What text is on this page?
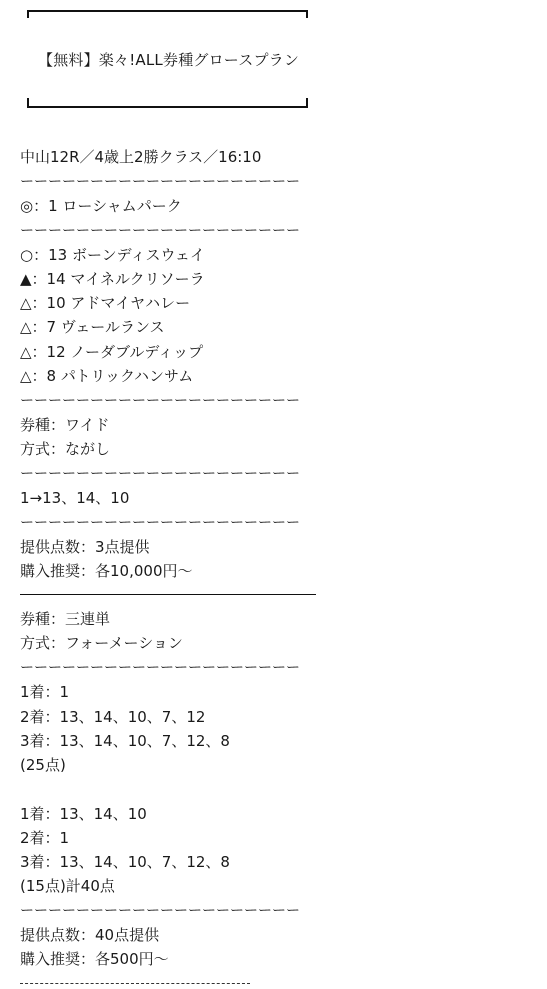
【無料】楽々!ALL券種グロースプラン
中山12R／4歳上2勝クラス／16:10
ーーーーーーーーーーーーーーーーーーーー
◎：1 ローシャムパーク
ーーーーーーーーーーーーーーーーーーーー
○：13 ボーンディスウェイ
▲：14 マイネルクリソーラ
△：10 アドマイヤハレー
△：7 ヴェールランス
△：12 ノーダブルディップ
△：8 パトリックハンサム
ーーーーーーーーーーーーーーーーーーーー
券種：ワイド
方式：ながし
ーーーーーーーーーーーーーーーーーーーー
1→13、14、10
ーーーーーーーーーーーーーーーーーーーー
提供点数：3点提供
購入推奨：各10,000円〜
券種：三連単
方式：フォーメーション
ーーーーーーーーーーーーーーーーーーーー
1着：1
2着：13、14、10、7、12
3着：13、14、10、7、12、8
(25点)
1着：13、14、10
2着：1
3着：13、14、10、7、12、8
(15点)計40点
ーーーーーーーーーーーーーーーーーーーー
提供点数：40点提供
購入推奨：各500円〜
